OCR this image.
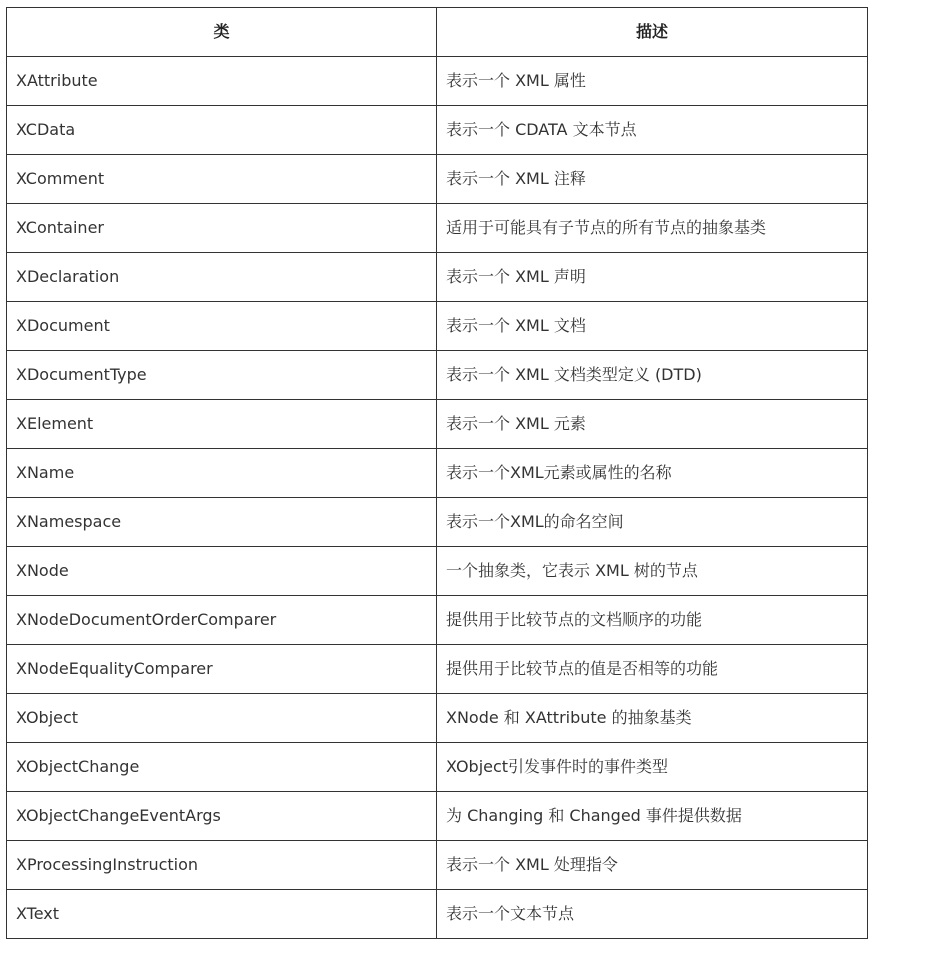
类	描述
XAttribute	表示一个 XML 属性
XCData	表示一个 CDATA 文本节点
XComment	表示一个 XML 注释
XContainer	适用于可能具有子节点的所有节点的抽象基类
XDeclaration	表示一个 XML 声明
XDocument	表示一个 XML 文档
XDocumentType	表示一个 XML 文档类型定义 (DTD)
XElement	表示一个 XML 元素
XName	表示一个XML元素或属性的名称
XNamespace	表示一个XML的命名空间
XNode	一个抽象类，它表示 XML 树的节点
XNodeDocumentOrderComparer	提供用于比较节点的文档顺序的功能
XNodeEqualityComparer	提供用于比较节点的值是否相等的功能
XObject	XNode 和 XAttribute 的抽象基类
XObjectChange	XObject引发事件时的事件类型
XObjectChangeEventArgs	为 Changing 和 Changed 事件提供数据
XProcessingInstruction	表示一个 XML 处理指令
XText	表示一个文本节点
